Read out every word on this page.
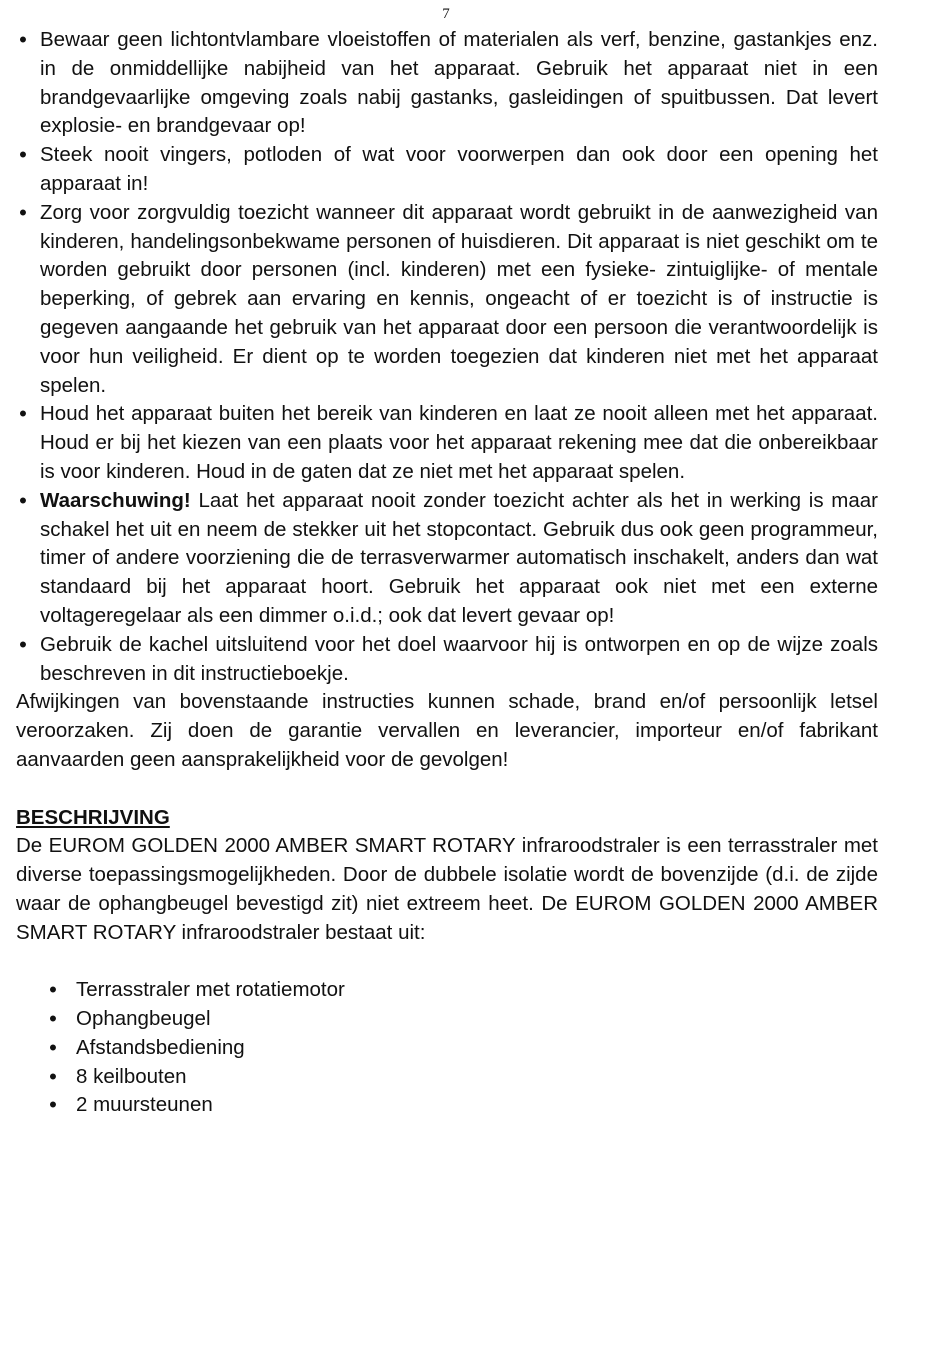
7
•
Bewaar geen lichtontvlambare vloeistoffen of materialen als verf, benzine, gastankjes enz. in de onmiddellijke nabijheid van het apparaat. Gebruik het apparaat niet in een brandgevaarlijke omgeving zoals nabij gastanks, gasleidingen of spuitbussen. Dat levert explosie- en brandgevaar op!
•
Steek nooit vingers, potloden of wat voor voorwerpen dan ook door een opening het apparaat in!
•
Zorg voor zorgvuldig toezicht wanneer dit apparaat wordt gebruikt in de aanwezigheid van kinderen, handelingsonbekwame personen of huisdieren. Dit apparaat is niet geschikt om te worden gebruikt door personen (incl. kinderen) met een fysieke- zintuiglijke- of mentale beperking, of gebrek aan ervaring en kennis, ongeacht of er toezicht is of instructie is gegeven aangaande het gebruik van het apparaat door een persoon die verantwoordelijk is voor hun veiligheid. Er dient op te worden toegezien dat kinderen niet met het apparaat spelen.
•
Houd het apparaat buiten het bereik van kinderen en laat ze nooit alleen met het apparaat. Houd er bij het kiezen van een plaats voor het apparaat rekening mee dat die onbereikbaar is voor kinderen. Houd in de gaten dat ze niet met het apparaat spelen.
•
Waarschuwing! Laat het apparaat nooit zonder toezicht achter als het in werking is maar schakel het uit en neem de stekker uit het stopcontact. Gebruik dus ook geen programmeur, timer of andere voorziening die de terrasverwarmer automatisch inschakelt, anders dan wat standaard bij het apparaat hoort. Gebruik het apparaat ook niet met een externe voltageregelaar als een dimmer o.i.d.; ook dat levert gevaar op!
•
Gebruik de kachel uitsluitend voor het doel waarvoor hij is ontworpen en op de wijze zoals beschreven in dit instructieboekje.

Afwijkingen van bovenstaande instructies kunnen schade, brand en/of persoonlijk letsel veroorzaken. Zij doen de garantie vervallen en leverancier, importeur en/of fabrikant aanvaarden geen aansprakelijkheid voor de gevolgen!

BESCHRIJVING

De EUROM GOLDEN 2000 AMBER SMART ROTARY infraroodstraler is een terrasstraler met diverse toepassingsmogelijkheden. Door de dubbele isolatie wordt de bovenzijde (d.i. de zijde waar de ophangbeugel bevestigd zit) niet extreem heet. De EUROM GOLDEN 2000 AMBER SMART ROTARY infraroodstraler bestaat uit:

•
Terrasstraler met rotatiemotor
•
Ophangbeugel
•
Afstandsbediening
•
8 keilbouten
•
2 muursteunen
